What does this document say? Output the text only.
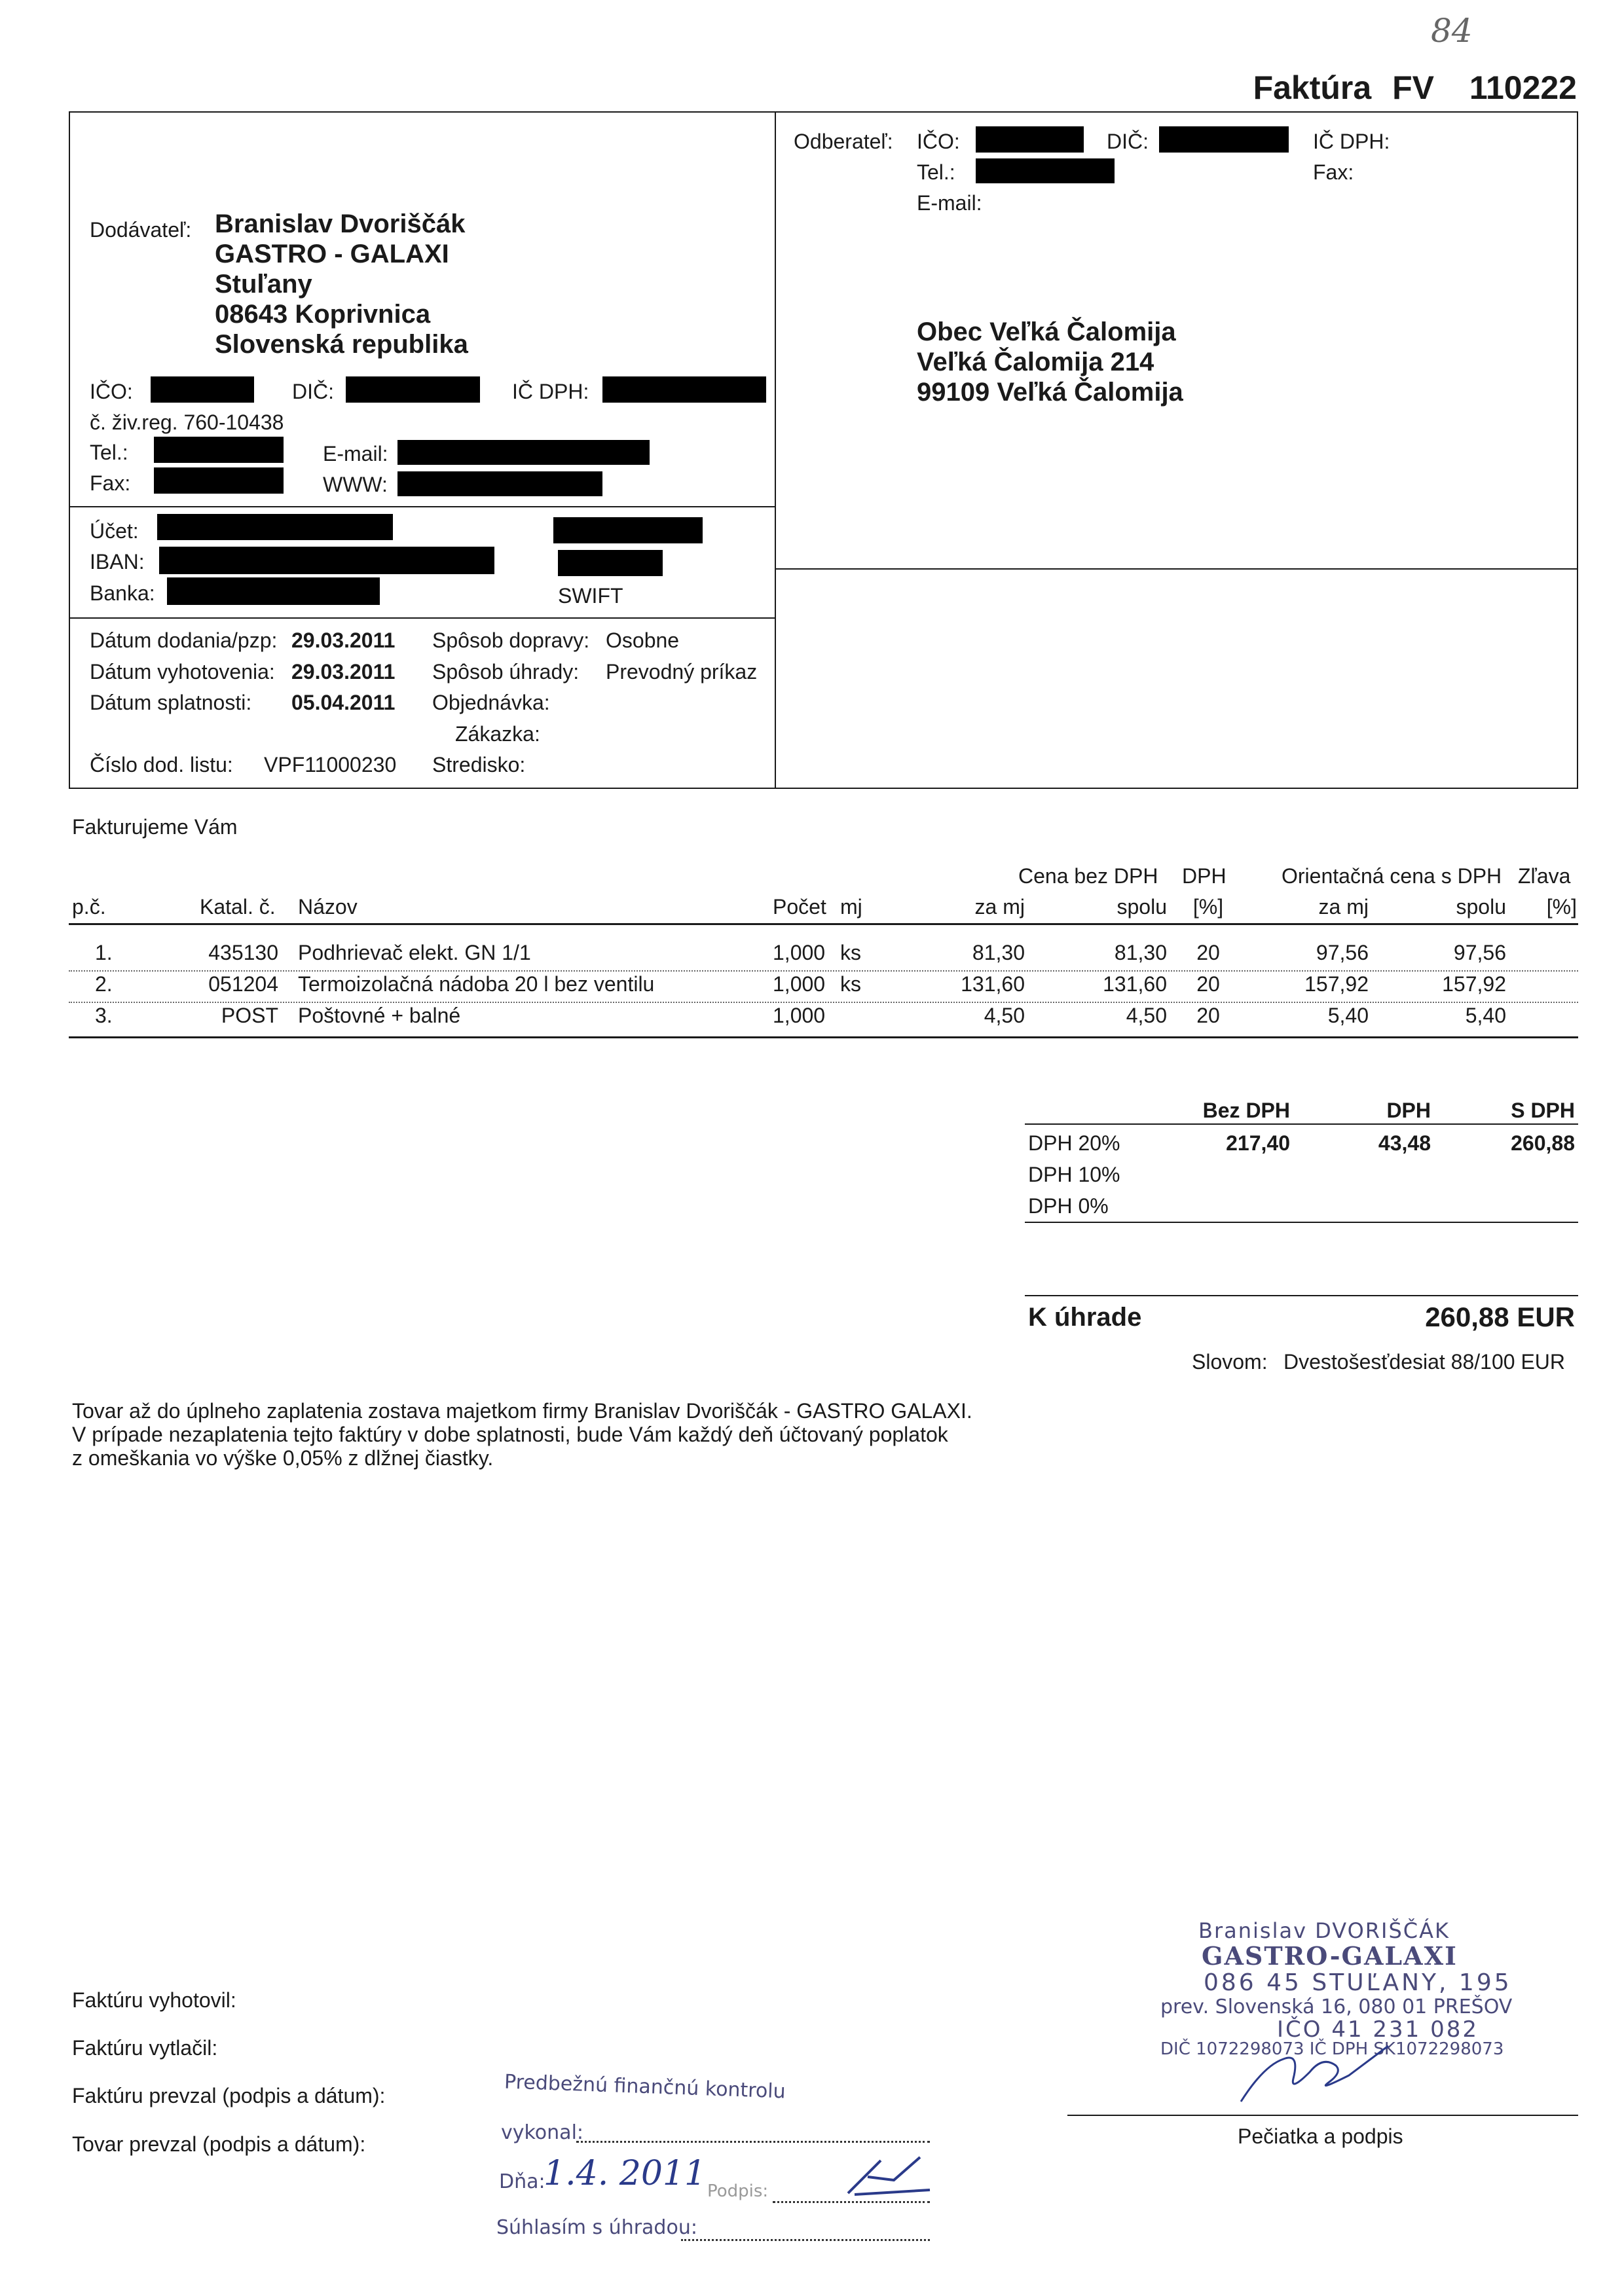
84
Faktúra FV 110222
Dodávateľ: Branislav Dvoriščák
GASTRO - GALAXI
Stuľany
08643 Koprivnica
Slovenská republika
IČO:	DIČ:	IČ DPH:
č. živ.reg. 760-10438
Tel.:	E-mail:
Fax:	WWW:
Účet:
IBAN:
Banka:	SWIFT
Dátum dodania/pzp: 29.03.2011
Dátum vyhotovenia: 29.03.2011
Dátum splatnosti: 05.04.2011
Číslo dod. listu: VPF11000230
Spôsob dopravy: Osobne
Spôsob úhrady: Prevodný príkaz
Objednávka:
Zákazka:
Stredisko:
Odberateľ: IČO:	DIČ:	IČ DPH:
Tel.:	Fax:
E-mail:
Obec Veľká Čalomija
Veľká Čalomija 214
99109 Veľká Čalomija
Fakturujeme Vám
Cena bez DPH DPH	Orientačná cena s DPH Zľava
p.č.	Katal. č. Názov	Počet mj	za mj	spolu	[%]	za mj	spolu	[%]
1.	435130 Podhrievač elekt. GN 1/1	1,000 ks	81,30	81,30	20	97,56	97,56
2.	051204 Termoizolačná nádoba 20 l bez ventilu	1,000 ks	131,60	131,60	20	157,92	157,92
3.	POST Poštovné + balné	1,000	4,50	4,50	20	5,40	5,40
Bez DPH	DPH	S DPH
DPH 20%	217,40	43,48	260,88
DPH 10%
DPH 0%
K úhrade	260,88 EUR
Slovom: Dvestošesťdesiat 88/100 EUR
Tovar až do úplneho zaplatenia zostava majetkom firmy Branislav Dvoriščák - GASTRO GALAXI.
V prípade nezaplatenia tejto faktúry v dobe splatnosti, bude Vám každý deň účtovaný poplatok
z omeškania vo výške 0,05% z dlžnej čiastky.
Faktúru vyhotovil:
Faktúru vytlačil:
Faktúru prevzal (podpis a dátum):
Tovar prevzal (podpis a dátum):
Predbežnú finančnú kontrolu
vykonal:
Dňa:
1.4. 2011 Podpis:
Súhlasím s úhradou:
Branislav DVORIŠČÁK
GASTRO-GALAXI
086 45 STUĽANY, 195
prev. Slovenská 16, 080 01 PREŠOV
IČO 41 231 082
DIČ 1072298073 IČ DPH SK1072298073
Pečiatka a podpis
